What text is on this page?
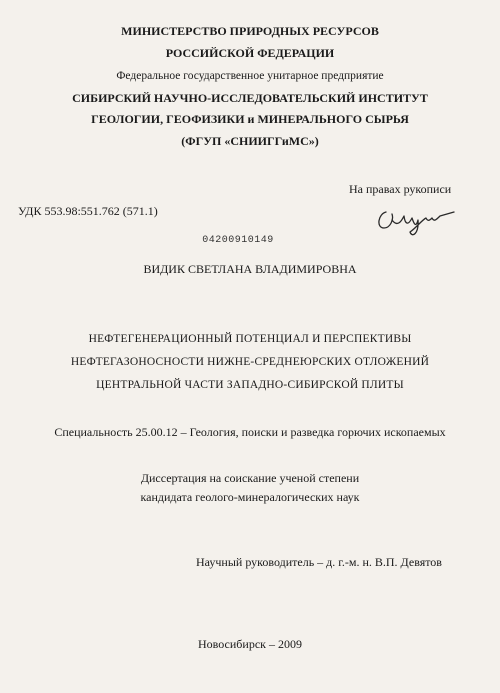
МИНИСТЕРСТВО ПРИРОДНЫХ РЕСУРСОВ
РОССИЙСКОЙ ФЕДЕРАЦИИ
Федеральное государственное унитарное предприятие
СИБИРСКИЙ НАУЧНО-ИССЛЕДОВАТЕЛЬСКИЙ ИНСТИТУТ
ГЕОЛОГИИ, ГЕОФИЗИКИ и МИНЕРАЛЬНОГО СЫРЬЯ
(ФГУП «СНИИГГиМС»)
На правах рукописи
УДК 553.98:551.762 (571.1)
04200910149
ВИДИК СВЕТЛАНА ВЛАДИМИРОВНА
НЕФТЕГЕНЕРАЦИОННЫЙ ПОТЕНЦИАЛ И ПЕРСПЕКТИВЫ
НЕФТЕГАЗОНОСНОСТИ НИЖНЕ-СРЕДНЕЮРСКИХ ОТЛОЖЕНИЙ
ЦЕНТРАЛЬНОЙ ЧАСТИ ЗАПАДНО-СИБИРСКОЙ ПЛИТЫ
Специальность 25.00.12 – Геология, поиски и разведка горючих ископаемых
Диссертация на соискание ученой степени
кандидата геолого-минералогических наук
Научный руководитель – д. г.-м. н. В.П. Девятов
Новосибирск – 2009
